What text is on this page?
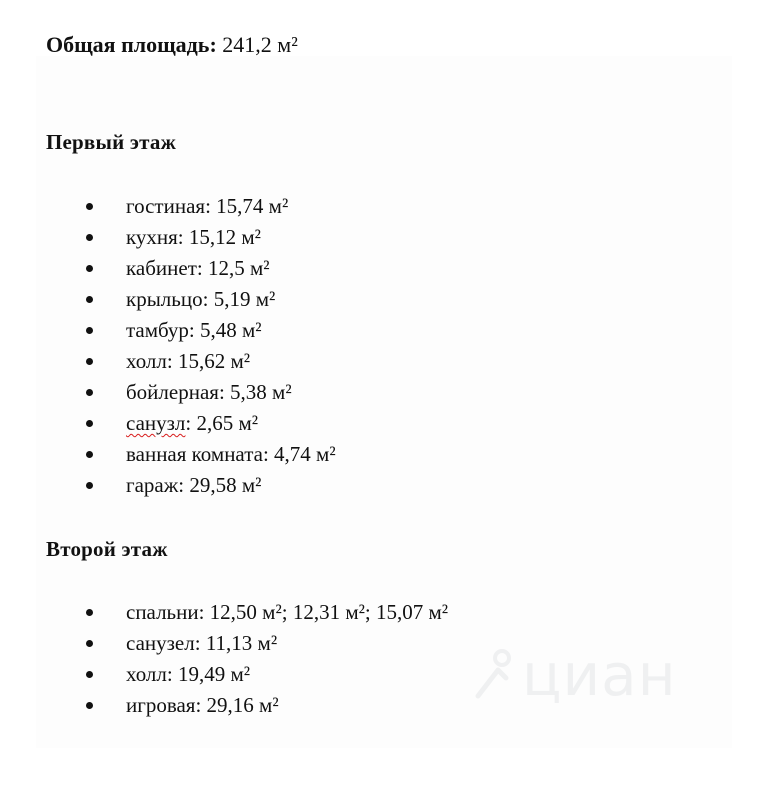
Общая площадь: 241,2 м²
Первый этаж
гостиная: 15,74 м²
кухня: 15,12 м²
кабинет: 12,5 м²
крыльцо: 5,19 м²
тамбур: 5,48 м²
холл: 15,62 м²
бойлерная: 5,38 м²
санузл: 2,65 м²
ванная комната: 4,74 м²
гараж: 29,58 м²
Второй этаж
спальни: 12,50 м²; 12,31 м²; 15,07 м²
санузел: 11,13 м²
холл: 19,49 м²
игровая: 29,16 м²
